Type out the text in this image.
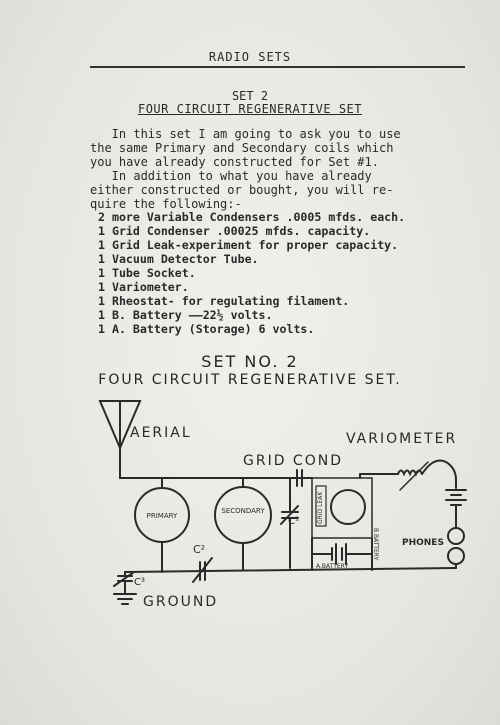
RADIO SETS
SET 2
FOUR CIRCUIT REGENERATIVE SET
In this set I am going to ask you to use
the same Primary and Secondary coils which
you have already constructed for Set #1.
In addition to what you have already
either constructed or bought, you will re-
quire the following:-
2 more Variable Condensers .0005 mfds. each.
1 Grid Condenser .00025 mfds. capacity.
1 Grid Leak-experiment for proper capacity.
1 Vacuum Detector Tube.
1 Tube Socket.
1 Variometer.
1 Rheostat- for regulating filament.
1 B. Battery ——22½ volts.
1 A. Battery (Storage) 6 volts.
SET NO. 2
FOUR CIRCUIT REGENERATIVE SET.
AERIAL
GRID COND
VARIOMETER
PRIMARY
SECONDARY
C¹
C²
C³
GROUND
PHONES
GRID LEAK
A.BATTERY
B BATTERY
